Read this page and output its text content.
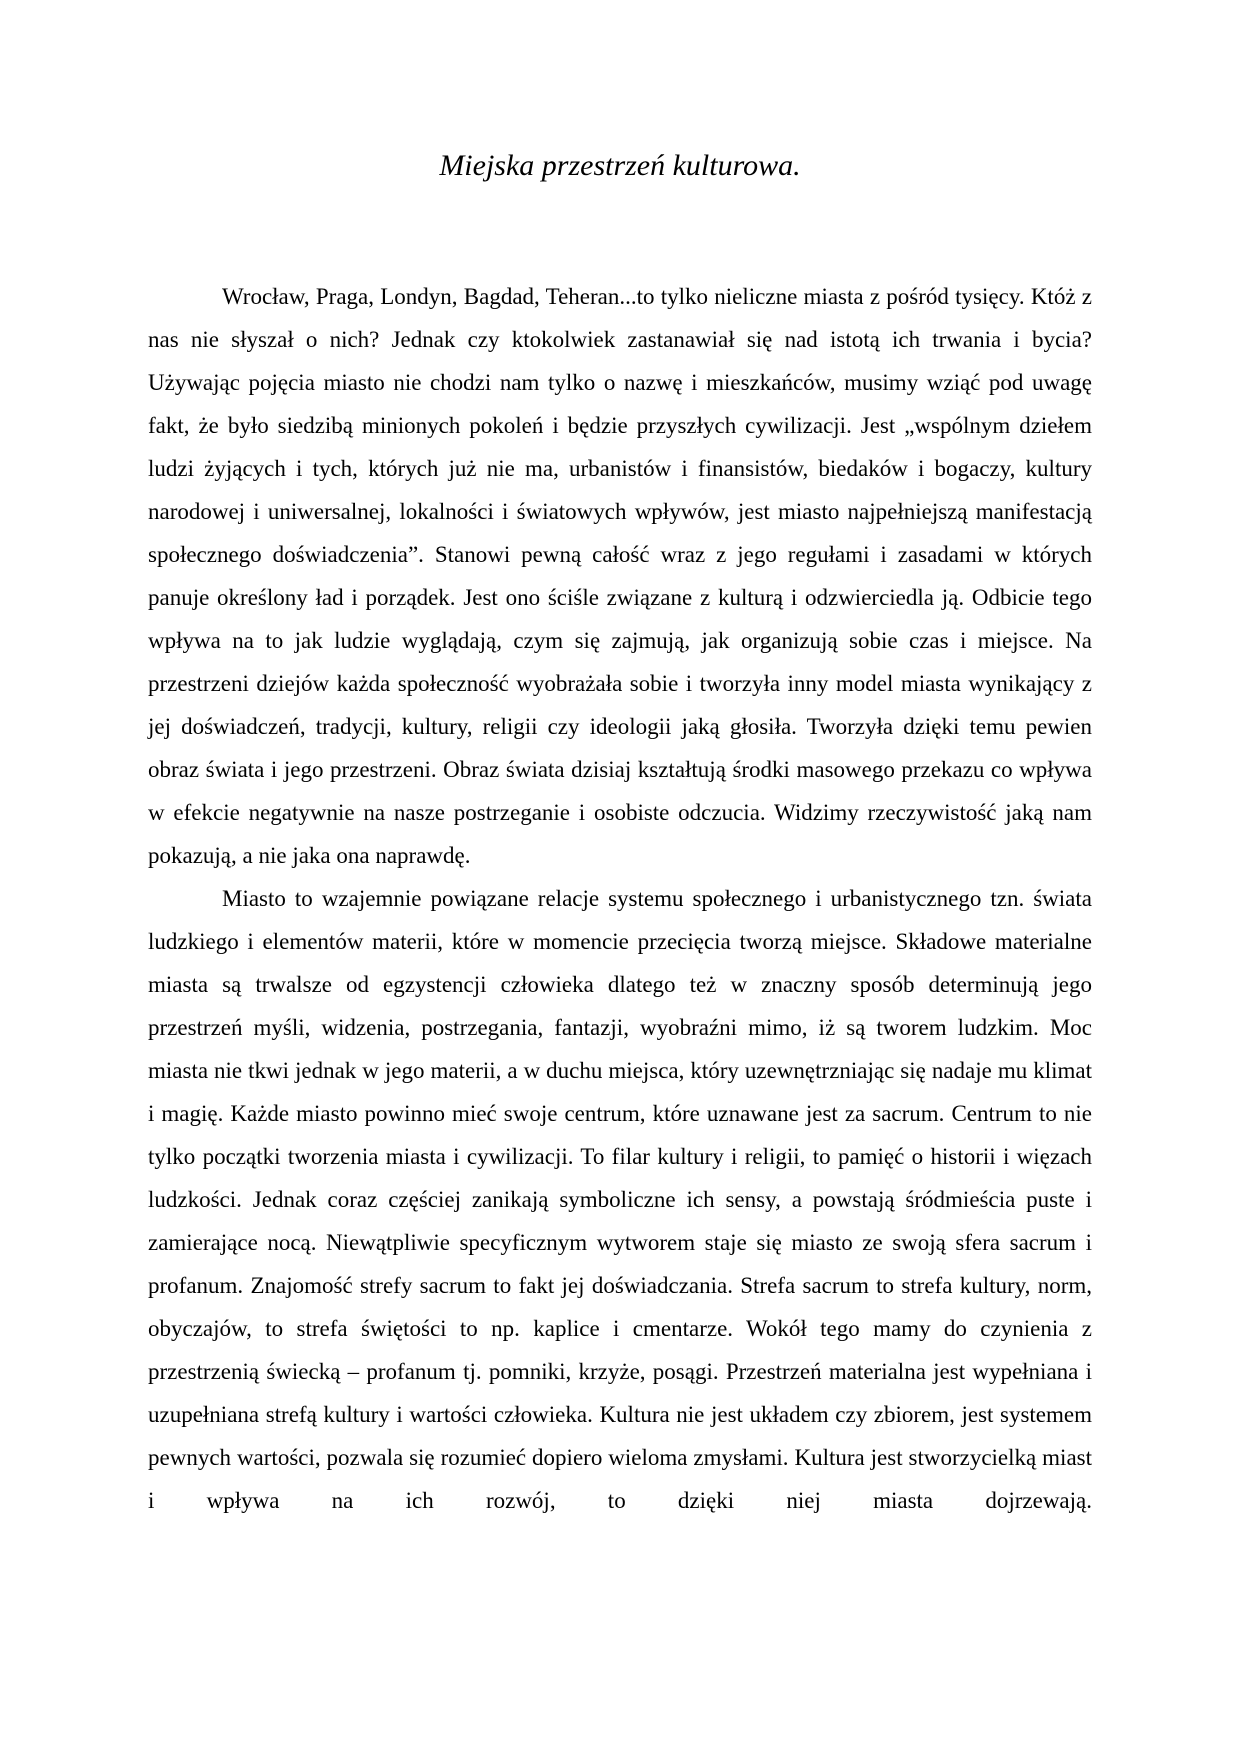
Miejska przestrzeń kulturowa.

Wrocław, Praga, Londyn, Bagdad, Teheran...to tylko nieliczne miasta z pośród tysięcy. Któż z nas nie słyszał o nich? Jednak czy ktokolwiek zastanawiał się nad istotą ich trwania i bycia? Używając pojęcia miasto nie chodzi nam tylko o nazwę i mieszkańców, musimy wziąć pod uwagę fakt, że było siedzibą minionych pokoleń i będzie przyszłych cywilizacji. Jest „wspólnym dziełem ludzi żyjących i tych, których już nie ma, urbanistów i finansistów, biedaków i bogaczy, kultury narodowej i uniwersalnej, lokalności i światowych wpływów, jest miasto najpełniejszą manifestacją społecznego doświadczenia”. Stanowi pewną całość wraz z jego regułami i zasadami w których panuje określony ład i porządek. Jest ono ściśle związane z kulturą i odzwierciedla ją. Odbicie tego wpływa na to jak ludzie wyglądają, czym się zajmują, jak organizują sobie czas i miejsce. Na przestrzeni dziejów każda społeczność wyobrażała sobie i tworzyła inny model miasta wynikający z jej doświadczeń, tradycji, kultury, religii czy ideologii jaką głosiła. Tworzyła dzięki temu pewien obraz świata i jego przestrzeni. Obraz świata dzisiaj kształtują środki masowego przekazu co wpływa w efekcie negatywnie na nasze postrzeganie i osobiste odczucia. Widzimy rzeczywistość jaką nam pokazują, a nie jaka ona naprawdę.

Miasto to wzajemnie powiązane relacje systemu społecznego i urbanistycznego tzn. świata ludzkiego i elementów materii, które w momencie przecięcia tworzą miejsce. Składowe materialne miasta są trwalsze od egzystencji człowieka dlatego też w znaczny sposób determinują jego przestrzeń myśli, widzenia, postrzegania, fantazji, wyobraźni mimo, iż są tworem ludzkim. Moc miasta nie tkwi jednak w jego materii, a w duchu miejsca, który uzewnętrzniając się nadaje mu klimat i magię. Każde miasto powinno mieć swoje centrum, które uznawane jest za sacrum. Centrum to nie tylko początki tworzenia miasta i cywilizacji. To filar kultury i religii, to pamięć o historii i więzach ludzkości. Jednak coraz częściej zanikają symboliczne ich sensy, a powstają śródmieścia puste i zamierające nocą. Niewątpliwie specyficznym wytworem staje się miasto ze swoją sfera sacrum i profanum. Znajomość strefy sacrum to fakt jej doświadczania. Strefa sacrum to strefa kultury, norm, obyczajów, to strefa świętości to np. kaplice i cmentarze. Wokół tego mamy do czynienia z przestrzenią świecką – profanum tj. pomniki, krzyże, posągi. Przestrzeń materialna jest wypełniana i uzupełniana strefą kultury i wartości człowieka. Kultura nie jest układem czy zbiorem, jest systemem pewnych wartości, pozwala się rozumieć dopiero wieloma zmysłami. Kultura jest stworzycielką miast i wpływa na ich rozwój, to dzięki niej miasta dojrzewają.
